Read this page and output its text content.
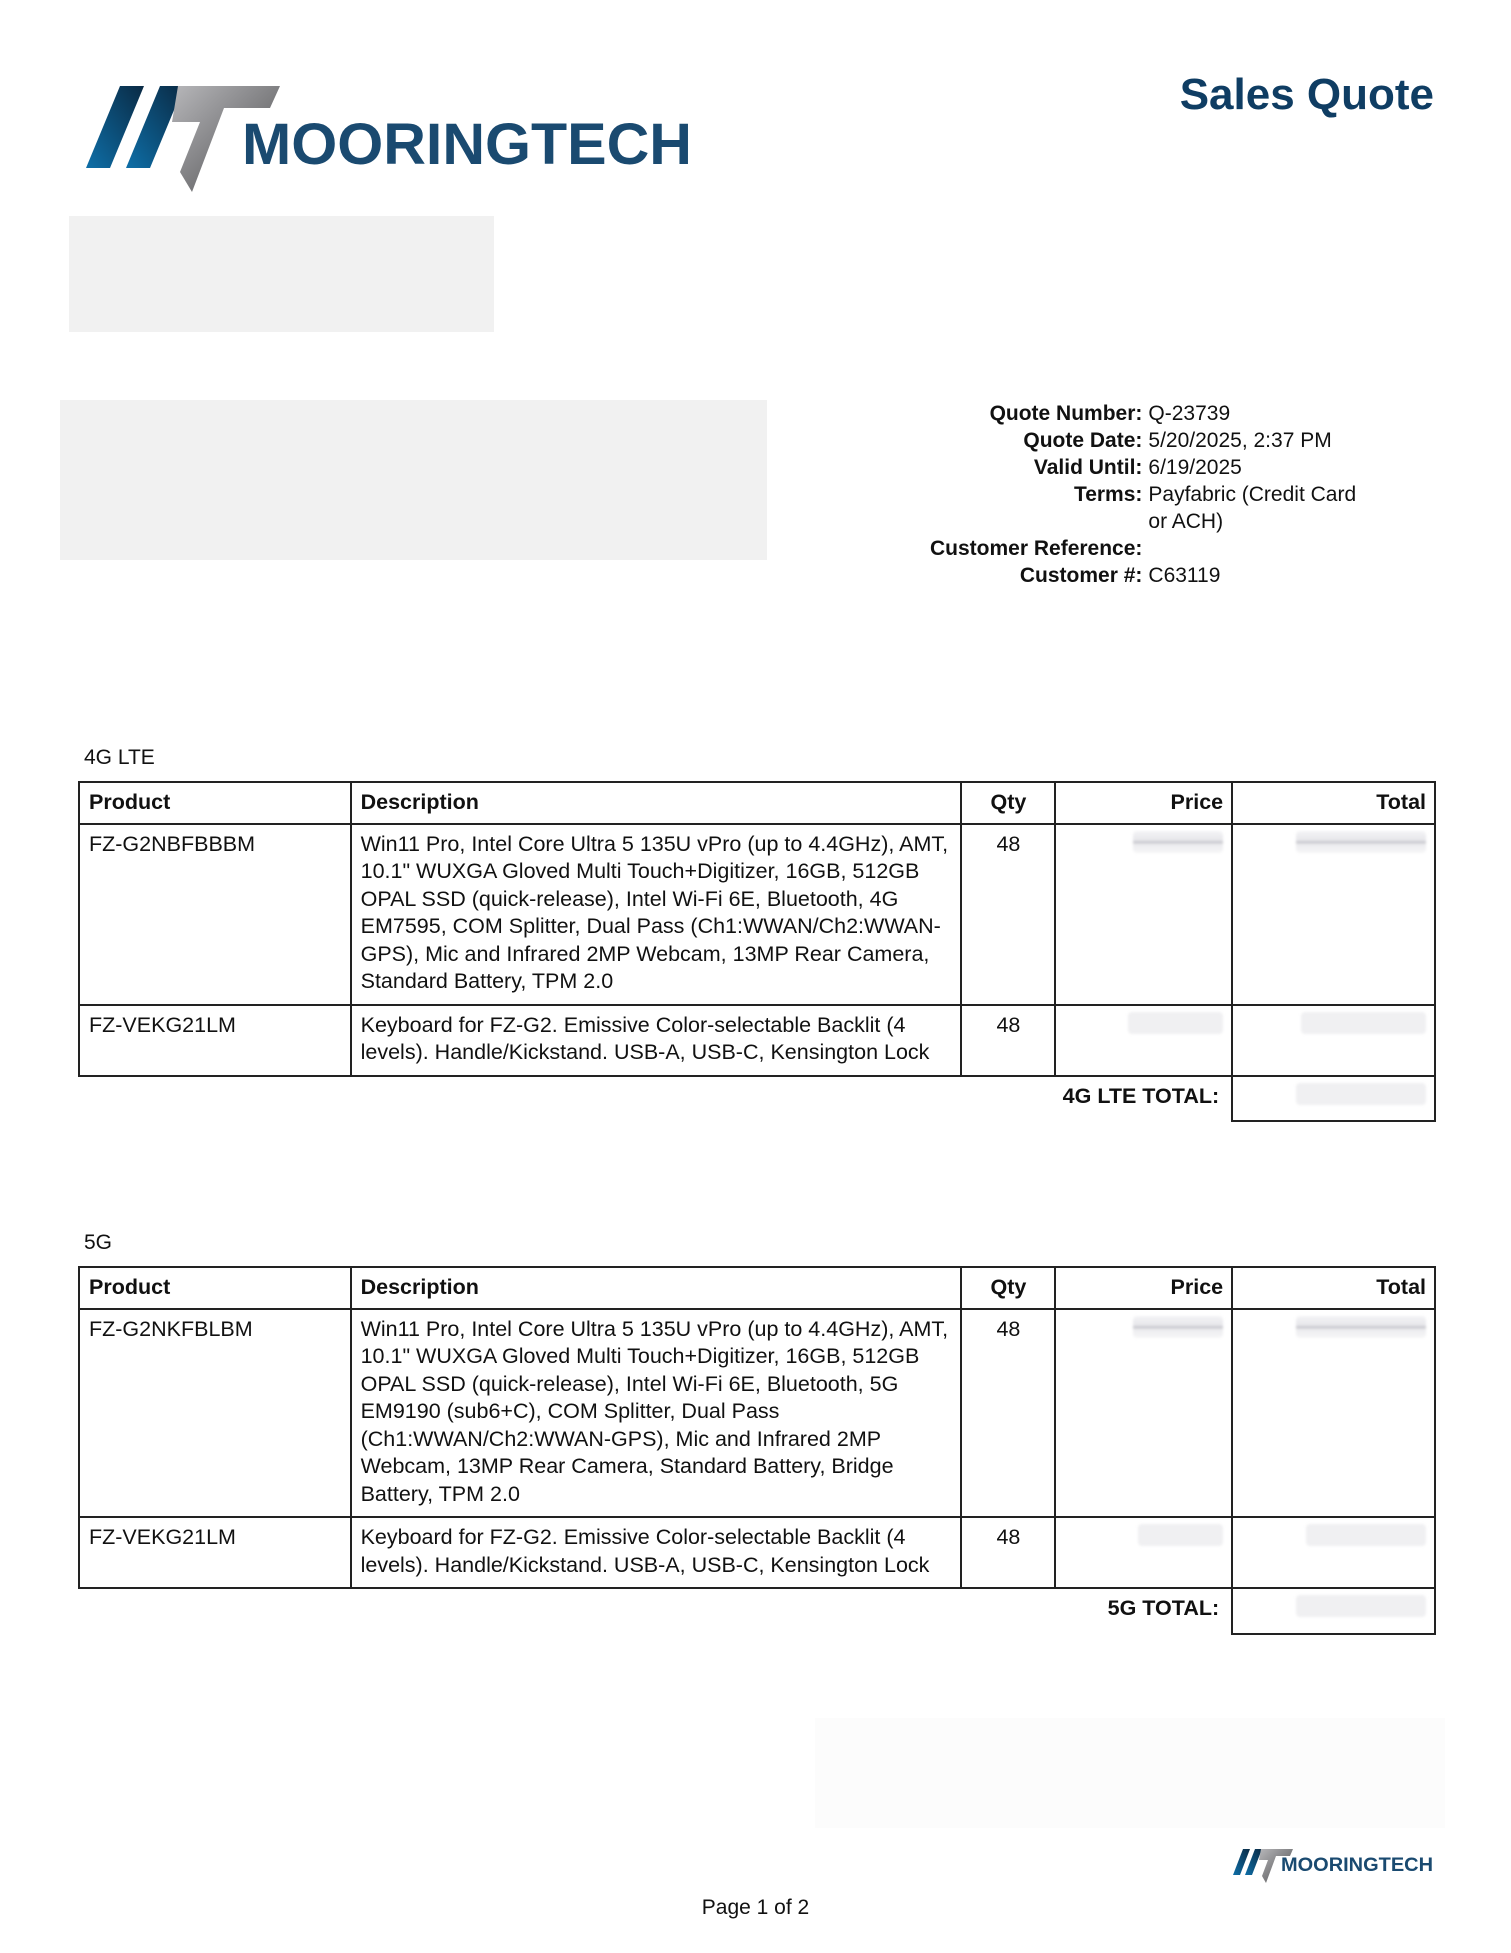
MOORINGTECH
Sales Quote
Quote Number:	Q-23739
Quote Date:	5/20/2025, 2:37 PM
Valid Until:	6/19/2025
Terms:	Payfabric (Credit Card or ACH)
Customer Reference:	
Customer #:	C63119
4G LTE
Product	Description	Qty	Price	Total
FZ-G2NBFBBBM	Win11 Pro, Intel Core Ultra 5 135U vPro (up to 4.4GHz), AMT, 10.1" WUXGA Gloved Multi Touch+Digitizer, 16GB, 512GB OPAL SSD (quick-release), Intel Wi-Fi 6E, Bluetooth, 4G EM7595, COM Splitter, Dual Pass (Ch1:WWAN/Ch2:WWAN-GPS), Mic and Infrared 2MP Webcam, 13MP Rear Camera, Standard Battery, TPM 2.0	48		
FZ-VEKG21LM	Keyboard for FZ-G2. Emissive Color-selectable Backlit (4 levels). Handle/Kickstand. USB-A, USB-C, Kensington Lock	48		
4G LTE TOTAL:				
5G
Product	Description	Qty	Price	Total
FZ-G2NKFBLBM	Win11 Pro, Intel Core Ultra 5 135U vPro (up to 4.4GHz), AMT, 10.1" WUXGA Gloved Multi Touch+Digitizer, 16GB, 512GB OPAL SSD (quick-release), Intel Wi-Fi 6E, Bluetooth, 5G EM9190 (sub6+C), COM Splitter, Dual Pass (Ch1:WWAN/Ch2:WWAN-GPS), Mic and Infrared 2MP Webcam, 13MP Rear Camera, Standard Battery, Bridge Battery, TPM 2.0	48		
FZ-VEKG21LM	Keyboard for FZ-G2. Emissive Color-selectable Backlit (4 levels). Handle/Kickstand. USB-A, USB-C, Kensington Lock	48		
5G TOTAL:				
MOORINGTECH
Page 1 of 2
